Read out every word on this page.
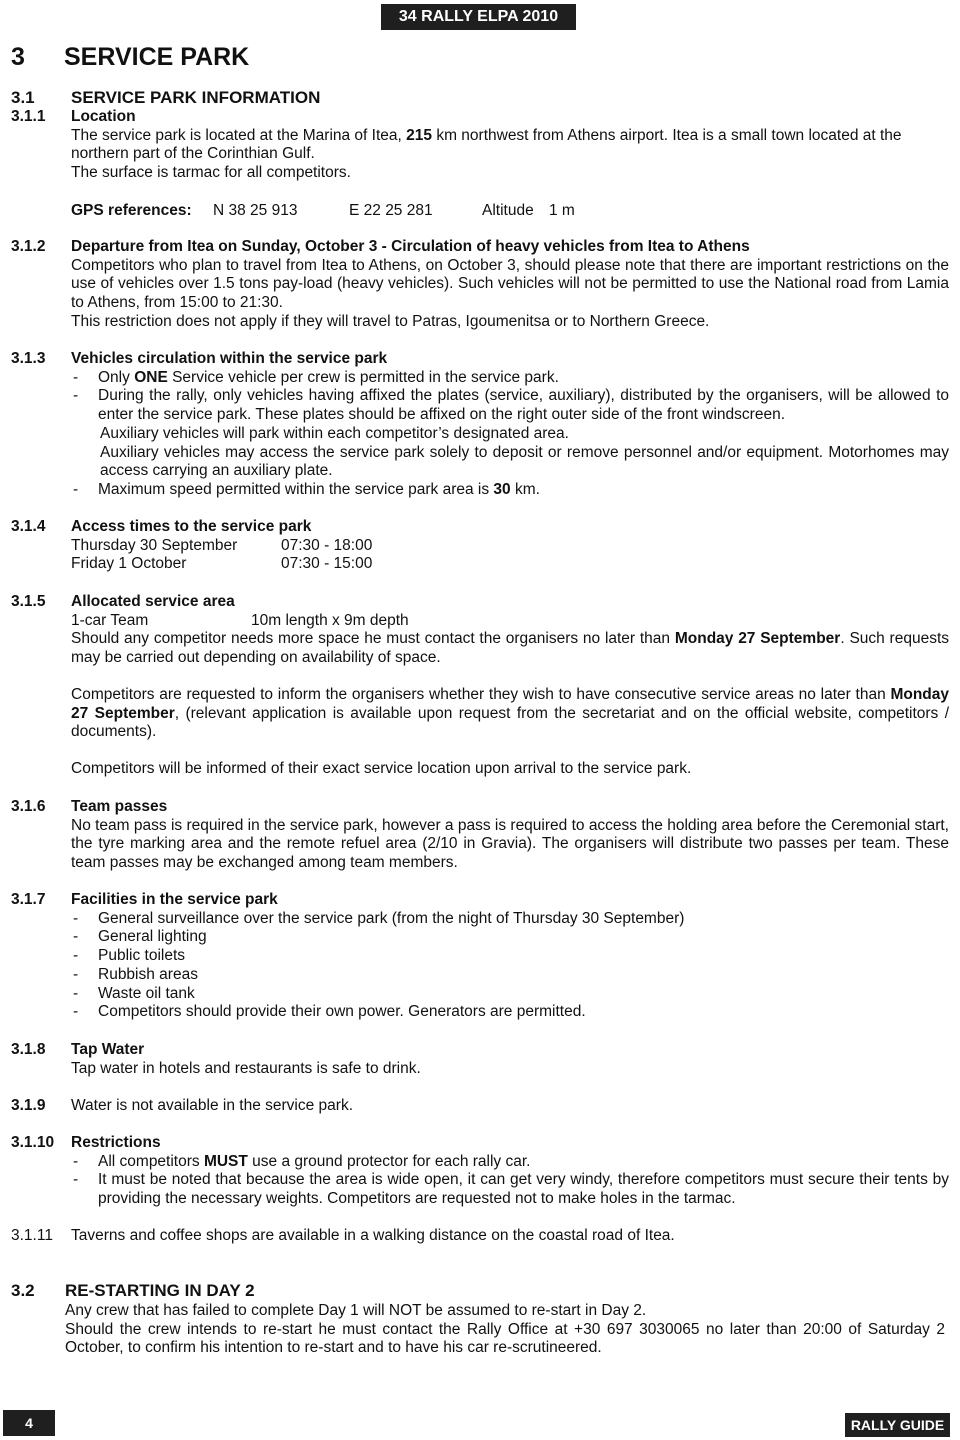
34 RALLY ELPA 2010
3 SERVICE PARK
3.1 SERVICE PARK INFORMATION
3.1.1 Location

The service park is located at the Marina of Itea, 215 km northwest from Athens airport. Itea is a small town located at the northern part of the Corinthian Gulf.

The surface is tarmac for all competitors.

GPS references: N 38 25 913	E 22 25 281	Altitude 1 m
3.1.2 Departure from Itea on Sunday, October 3 - Circulation of heavy vehicles from Itea to Athens

Competitors who plan to travel from Itea to Athens, on October 3, should please note that there are important restrictions on the use of vehicles over 1.5 tons pay-load (heavy vehicles). Such vehicles will not be permitted to use the National road from Lamia to Athens, from 15:00 to 21:30.

This restriction does not apply if they will travel to Patras, Igoumenitsa or to Northern Greece.

3.1.3 Vehicles circulation within the service park

- Only ONE Service vehicle per crew is permitted in the service park.
- During the rally, only vehicles having affixed the plates (service, auxiliary), distributed by the organisers, will be allowed to enter the service park. These plates should be affixed on the right outer side of the front windscreen.

Auxiliary vehicles will park within each competitor’s designated area.

Auxiliary vehicles may access the service park solely to deposit or remove personnel and/or equipment. Motorhomes may access carrying an auxiliary plate.

- Maximum speed permitted within the service park area is 30 km.
3.1.4 Access times to the service park

Thursday 30 September	07:30 - 18:00
Friday 1 October	07:30 - 15:00
3.1.5 Allocated service area

1-car Team	10m length x 9m depth

Should any competitor needs more space he must contact the organisers no later than Monday 27 September. Such requests may be carried out depending on availability of space.

Competitors are requested to inform the organisers whether they wish to have consecutive service areas no later than Monday 27 September, (relevant application is available upon request from the secretariat and on the official website, competitors / documents).

Competitors will be informed of their exact service location upon arrival to the service park.

3.1.6 Team passes

No team pass is required in the service park, however a pass is required to access the holding area before the Ceremonial start, the tyre marking area and the remote refuel area (2/10 in Gravia). The organisers will distribute two passes per team. These team passes may be exchanged among team members.

3.1.7 Facilities in the service park

- General surveillance over the service park (from the night of Thursday 30 September)
- General lighting
- Public toilets
- Rubbish areas
- Waste oil tank
- Competitors should provide their own power. Generators are permitted.
3.1.8 Tap Water

Tap water in hotels and restaurants is safe to drink.

3.1.9 Water is not available in the service park.

3.1.10 Restrictions

- All competitors MUST use a ground protector for each rally car.
- It must be noted that because the area is wide open, it can get very windy, therefore competitors must secure their tents by providing the necessary weights. Competitors are requested not to make holes in the tarmac.
3.1.11 Taverns and coffee shops are available in a walking distance on the coastal road of Itea.

3.2 RE-STARTING IN DAY 2

Any crew that has failed to complete Day 1 will NOT be assumed to re-start in Day 2.

Should the crew intends to re-start he must contact the Rally Office at +30 697 3030065 no later than 20:00 of Saturday 2 October, to confirm his intention to re-start and to have his car re-scrutineered.

4	RALLY GUIDE
